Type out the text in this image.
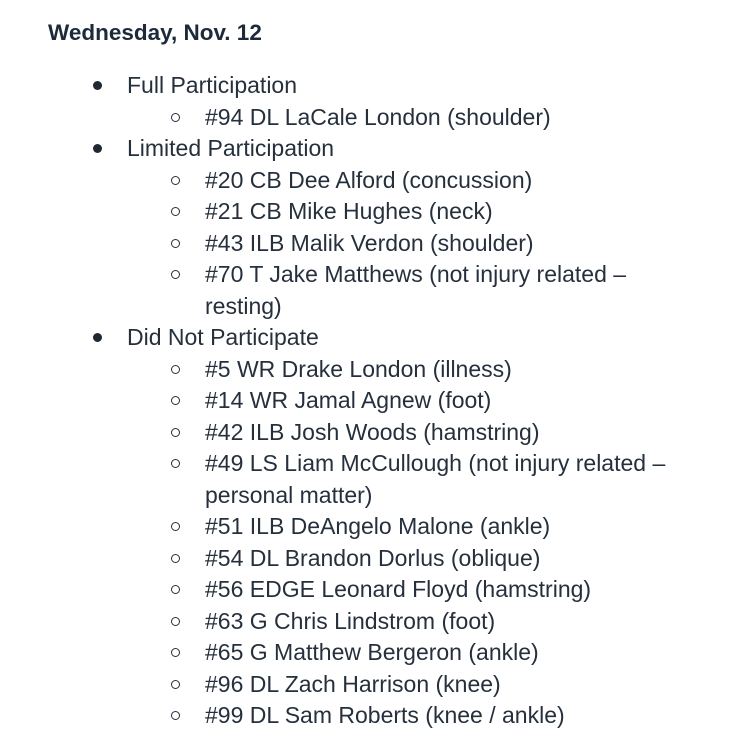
Wednesday, Nov. 12
Full Participation
#94 DL LaCale London (shoulder)
Limited Participation
#20 CB Dee Alford (concussion)
#21 CB Mike Hughes (neck)
#43 ILB Malik Verdon (shoulder)
#70 T Jake Matthews (not injury related – resting)
Did Not Participate
#5 WR Drake London (illness)
#14 WR Jamal Agnew (foot)
#42 ILB Josh Woods (hamstring)
#49 LS Liam McCullough (not injury related – personal matter)
#51 ILB DeAngelo Malone (ankle)
#54 DL Brandon Dorlus (oblique)
#56 EDGE Leonard Floyd (hamstring)
#63 G Chris Lindstrom (foot)
#65 G Matthew Bergeron (ankle)
#96 DL Zach Harrison (knee)
#99 DL Sam Roberts (knee / ankle)
